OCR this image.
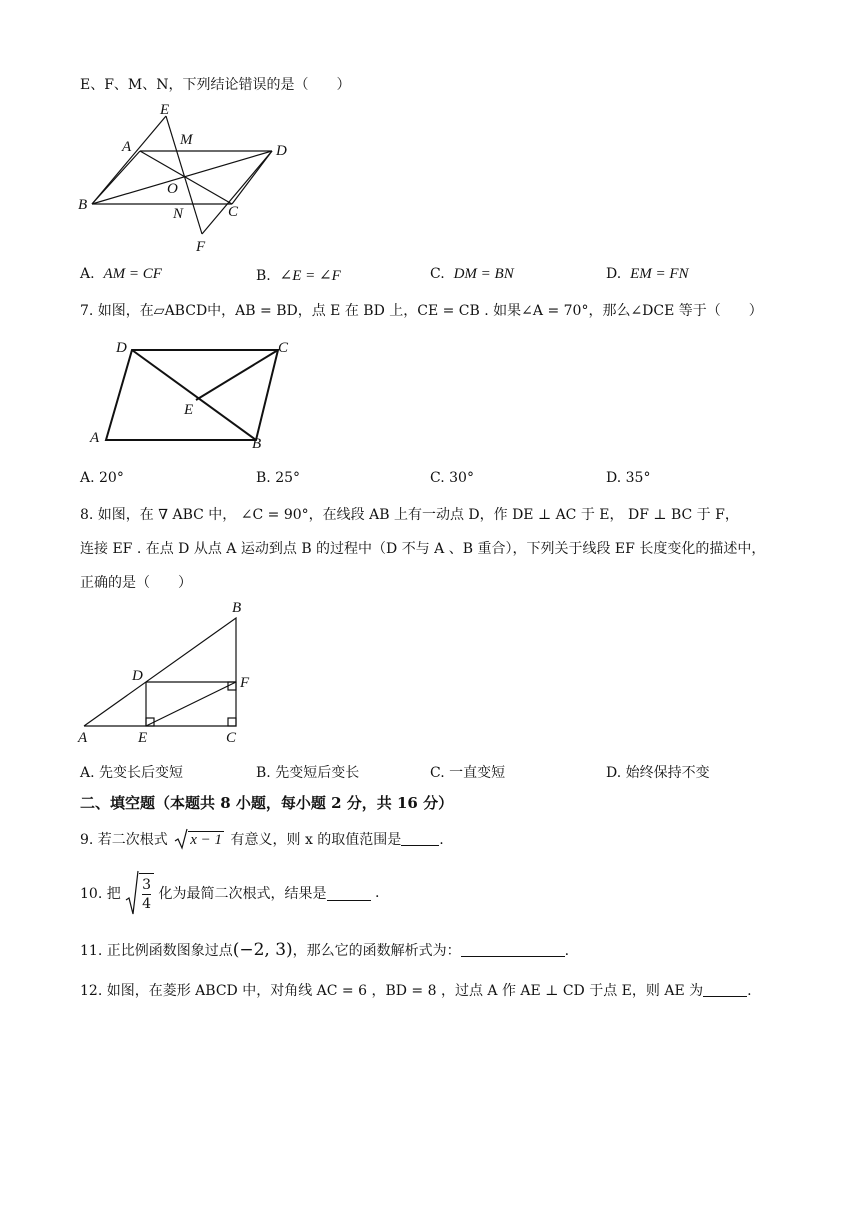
E、F、M、N，下列结论错误的是（　　）
E
M
A	D
O
B
N	C
F
A. AM = CF	B. ∠E = ∠F	C. DM = BN	D. EM = FN
7. 如图，在▱ABCD中，AB = BD，点 E 在 BD 上，CE = CB . 如果∠A = 70°，那么∠DCE 等于（　　）
D	C
E
A	B
A. 20°	B. 25°	C. 30°	D. 35°
8. 如图，在 ∇ ABC 中， ∠C = 90°，在线段 AB 上有一动点 D，作 DE ⊥ AC 于 E， DF ⊥ BC 于 F，
连接 EF . 在点 D 从点 A 运动到点 B 的过程中（D 不与 A 、B 重合），下列关于线段 EF 长度变化的描述中，
正确的是（　　）
B
D	F
A	E	C
A. 先变长后变短	B. 先变短后变长	C. 一直变短	D. 始终保持不变
二、填空题（本题共 8 小题，每小题 2 分，共 16 分）
9. 若二次根式 x − 1 有意义，则 x 的取值范围是	.
10. 把 $\frac{3}{4}$ 化为最简二次根式，结果是	.
11. 正比例函数图象过点(−2, 3)，那么它的函数解析式为：	.
12. 如图，在菱形 ABCD 中，对角线 AC = 6 ，BD = 8 ，过点 A 作 AE ⊥ CD 于点 E，则 AE 为	.
